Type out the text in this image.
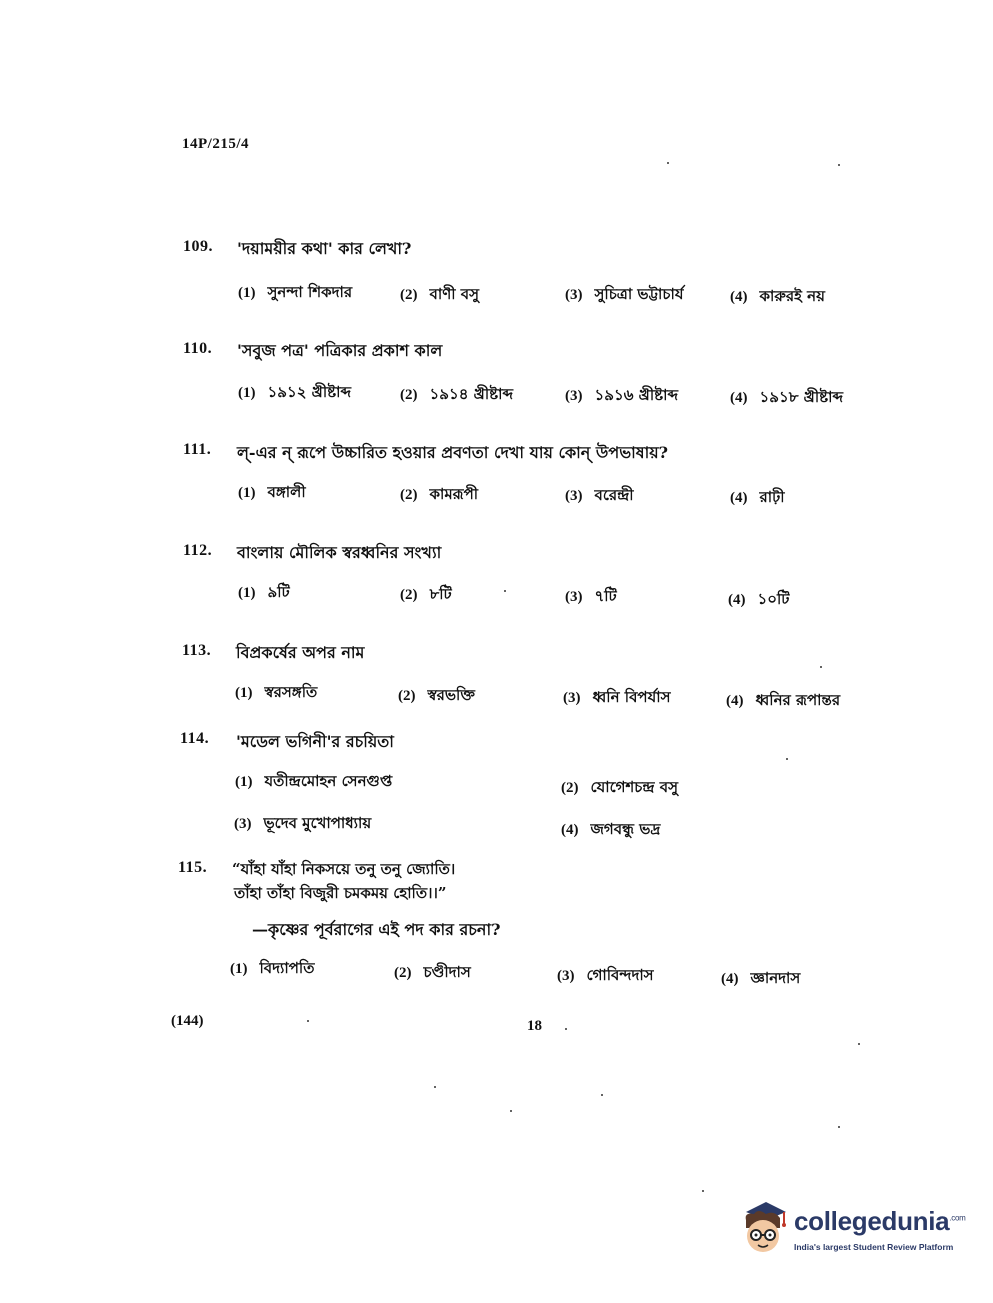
14P/215/4
109. 'দয়াময়ীর কথা' কার লেখা?
(1) সুনন্দা শিকদার	(2) বাণী বসু	(3) সুচিত্রা ভট্টাচার্য	(4) কারুরই নয়
110. 'সবুজ পত্র' পত্রিকার প্রকাশ কাল
(1) ১৯১২ খ্রীষ্টাব্দ	(2) ১৯১৪ খ্রীষ্টাব্দ	(3) ১৯১৬ খ্রীষ্টাব্দ	(4) ১৯১৮ খ্রীষ্টাব্দ
111. ল্-এর ন্ রূপে উচ্চারিত হওয়ার প্রবণতা দেখা যায় কোন্ উপভাষায়?
(1) বঙ্গালী	(2) কামরূপী	(3) বরেন্দ্রী	(4) রাঢ়ী
112. বাংলায় মৌলিক স্বরধ্বনির সংখ্যা
(1) ৯টি	(2) ৮টি	(3) ৭টি	(4) ১০টি
113. বিপ্রকর্ষের অপর নাম
(1) স্বরসঙ্গতি	(2) স্বরভক্তি	(3) ধ্বনি বিপর্যাস	(4) ধ্বনির রূপান্তর
114. 'মডেল ভগিনী'র রচয়িতা
(1) যতীন্দ্রমোহন সেনগুপ্ত	(2) যোগেশচন্দ্র বসু
(3) ভূদেব মুখোপাধ্যায়	(4) জগবন্ধু ভদ্র
115. “যাঁহা যাঁহা নিকসয়ে তনু তনু জ্যোতি।
তাঁহা তাঁহা বিজুরী চমকময় হোতি।।”
—কৃষ্ণের পূর্বরাগের এই পদ কার রচনা?
(1) বিদ্যাপতি	(2) চণ্ডীদাস	(3) গোবিন্দদাস	(4) জ্ঞানদাস
(144)	18
collegedunia$^{.com}$
India's largest Student Review Platform
